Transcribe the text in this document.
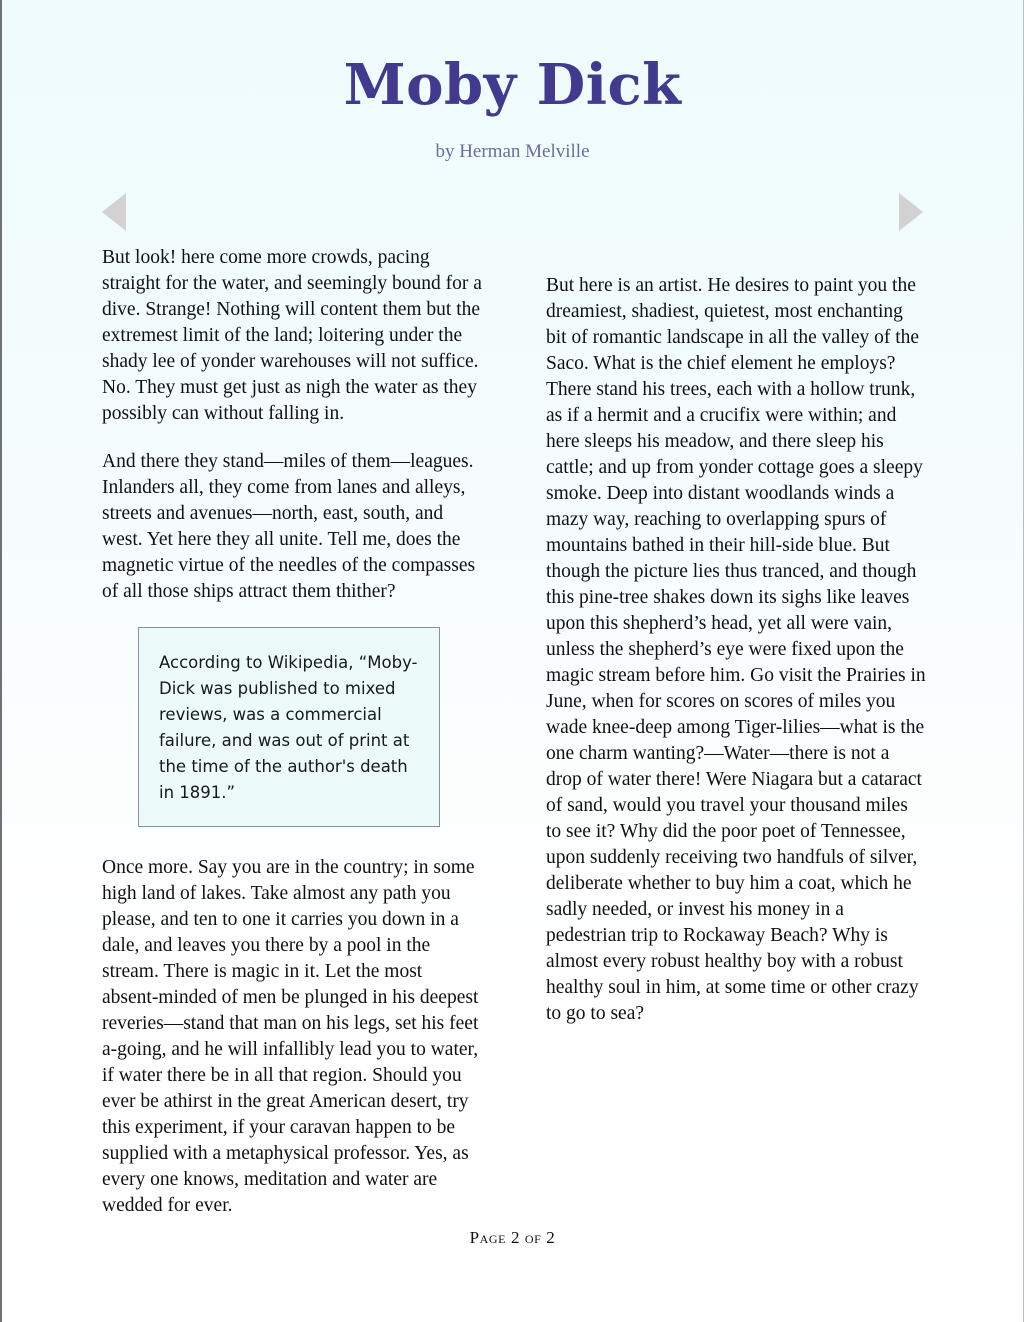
Moby Dick

by Herman Melville

But look! here come more crowds, pacing straight for the water, and seemingly bound for a dive. Strange! Nothing will content them but the extremest limit of the land; loitering under the shady lee of yonder warehouses will not suffice. No. They must get just as nigh the water as they possibly can without falling in.

And there they stand—miles of them—leagues. Inlanders all, they come from lanes and alleys, streets and avenues—north, east, south, and west. Yet here they all unite. Tell me, does the magnetic virtue of the needles of the compasses of all those ships attract them thither?

According to Wikipedia, “Moby-Dick was published to mixed reviews, was a commercial failure, and was out of print at the time of the author's death in 1891.”

Once more. Say you are in the country; in some high land of lakes. Take almost any path you please, and ten to one it carries you down in a dale, and leaves you there by a pool in the stream. There is magic in it. Let the most absent-minded of men be plunged in his deepest reveries—stand that man on his legs, set his feet a-going, and he will infallibly lead you to water, if water there be in all that region. Should you ever be athirst in the great American desert, try this experiment, if your caravan happen to be supplied with a metaphysical professor. Yes, as every one knows, meditation and water are wedded for ever.

But here is an artist. He desires to paint you the dreamiest, shadiest, quietest, most enchanting bit of romantic landscape in all the valley of the Saco. What is the chief element he employs? There stand his trees, each with a hollow trunk, as if a hermit and a crucifix were within; and here sleeps his meadow, and there sleep his cattle; and up from yonder cottage goes a sleepy smoke. Deep into distant woodlands winds a mazy way, reaching to overlapping spurs of mountains bathed in their hill-side blue. But though the picture lies thus tranced, and though this pine-tree shakes down its sighs like leaves upon this shepherd’s head, yet all were vain, unless the shepherd’s eye were fixed upon the magic stream before him. Go visit the Prairies in June, when for scores on scores of miles you wade knee-deep among Tiger-lilies—what is the one charm wanting?—Water—there is not a drop of water there! Were Niagara but a cataract of sand, would you travel your thousand miles to see it? Why did the poor poet of Tennessee, upon suddenly receiving two handfuls of silver, deliberate whether to buy him a coat, which he sadly needed, or invest his money in a pedestrian trip to Rockaway Beach? Why is almost every robust healthy boy with a robust healthy soul in him, at some time or other crazy to go to sea?

Page 2 of 2
